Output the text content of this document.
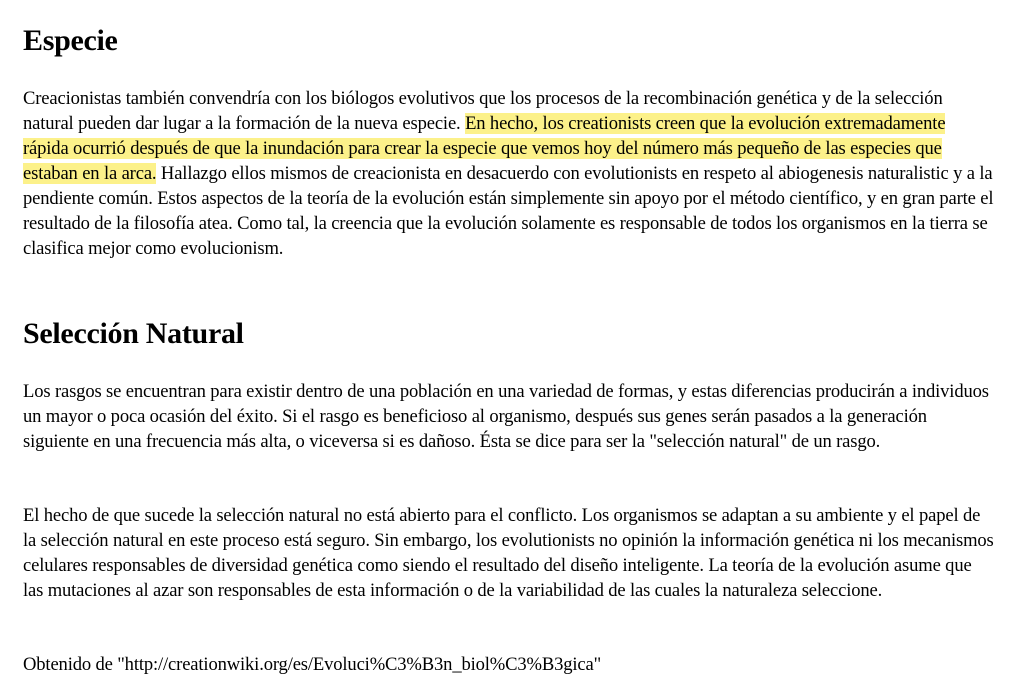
Especie

Creacionistas también convendría con los biólogos evolutivos que los procesos de la recombinación genética y de la selección natural pueden dar lugar a la formación de la nueva especie. En hecho, los creationists creen que la evolución extremadamente rápida ocurrió después de que la inundación para crear la especie que vemos hoy del número más pequeño de las especies que estaban en la arca. Hallazgo ellos mismos de creacionista en desacuerdo con evolutionists en respeto al abiogenesis naturalistic y a la pendiente común. Estos aspectos de la teoría de la evolución están simplemente sin apoyo por el método científico, y en gran parte el resultado de la filosofía atea. Como tal, la creencia que la evolución solamente es responsable de todos los organismos en la tierra se clasifica mejor como evolucionism.

Selección Natural

Los rasgos se encuentran para existir dentro de una población en una variedad de formas, y estas diferencias producirán a individuos un mayor o poca ocasión del éxito. Si el rasgo es beneficioso al organismo, después sus genes serán pasados a la generación siguiente en una frecuencia más alta, o viceversa si es dañoso. Ésta se dice para ser la "selección natural" de un rasgo.

El hecho de que sucede la selección natural no está abierto para el conflicto. Los organismos se adaptan a su ambiente y el papel de la selección natural en este proceso está seguro. Sin embargo, los evolutionists no opinión la información genética ni los mecanismos celulares responsables de diversidad genética como siendo el resultado del diseño inteligente. La teoría de la evolución asume que las mutaciones al azar son responsables de esta información o de la variabilidad de las cuales la naturaleza seleccione.

Obtenido de "http://creationwiki.org/es/Evoluci%C3%B3n_biol%C3%B3gica"
